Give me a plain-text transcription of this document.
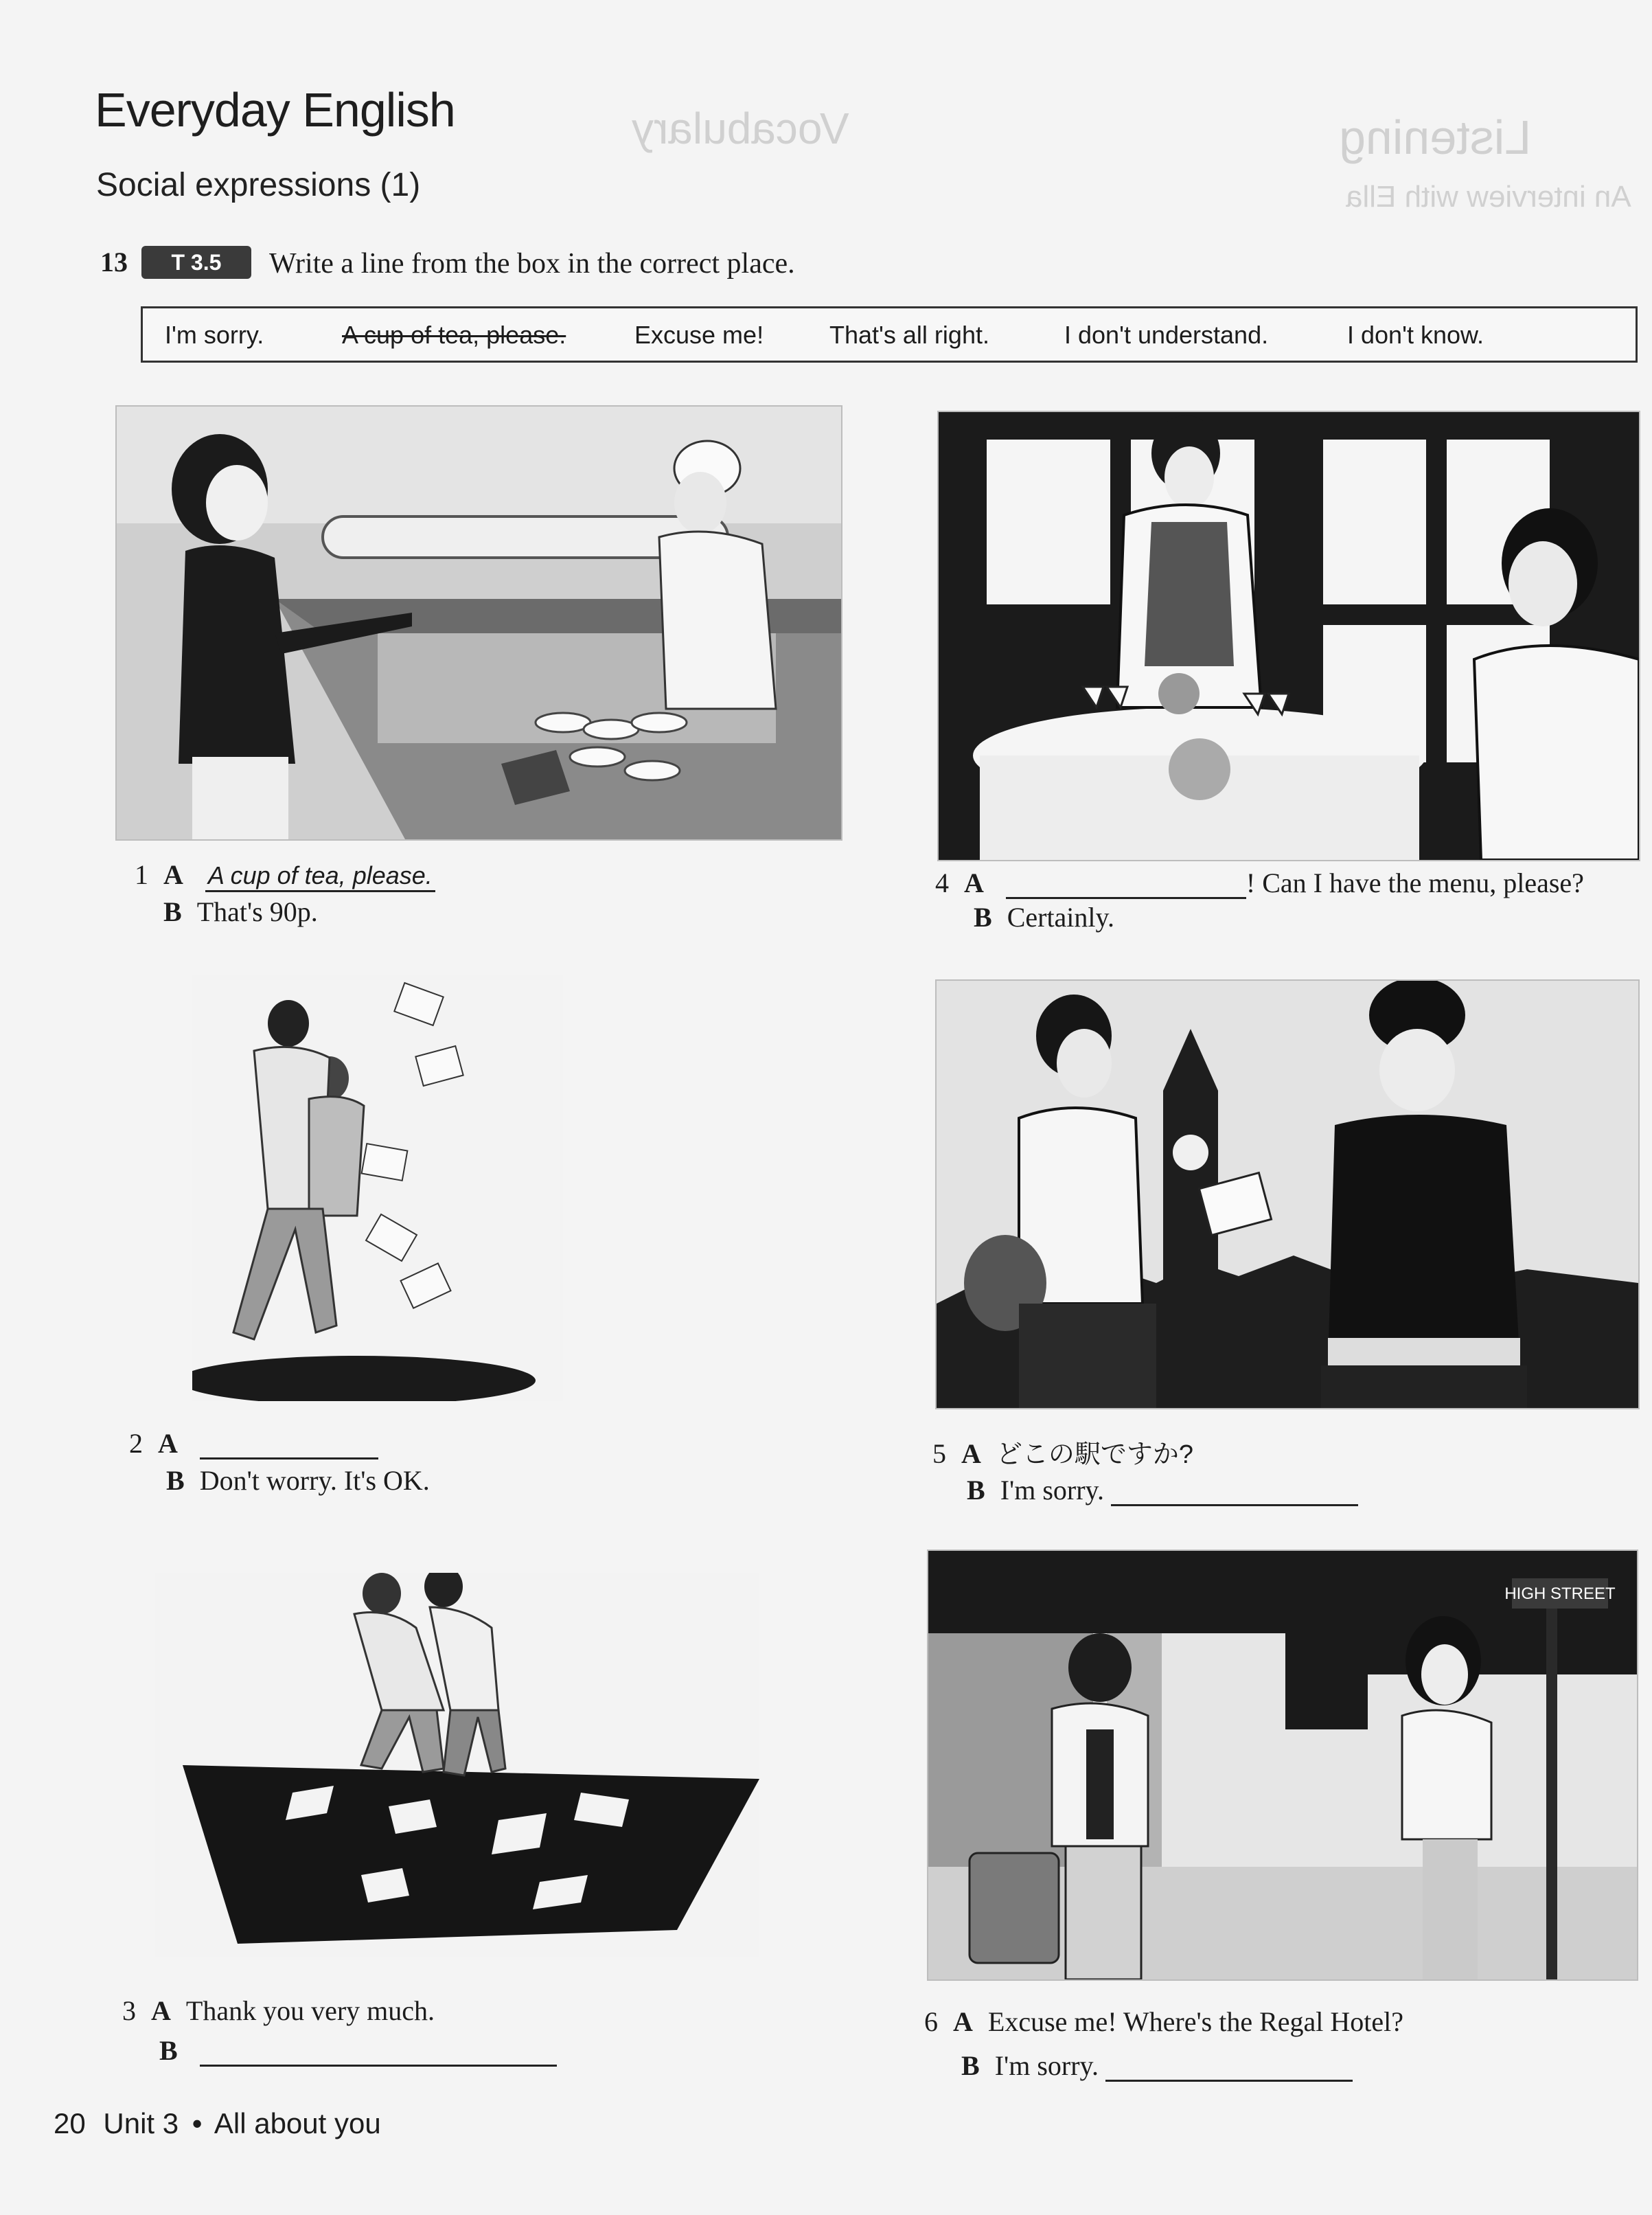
Listening
Vocabulary
An interview with Ella
Everyday English
Social expressions (1)
13	T 3.5	Write a line from the box in the correct place.
I'm sorry.	A cup of tea, please.	Excuse me!	That's all right.	I don't understand.	I don't know.
1 A A cup of tea, please.
B That's 90p.
2 A
B Don't worry. It's OK.
3 A Thank you very much.
B
4 A	! Can I have the menu, please?
B Certainly.
5 A どこの駅ですか?
B I'm sorry.
HIGH STREET
6 A Excuse me! Where's the Regal Hotel?
B I'm sorry.
20 Unit 3 • All about you
